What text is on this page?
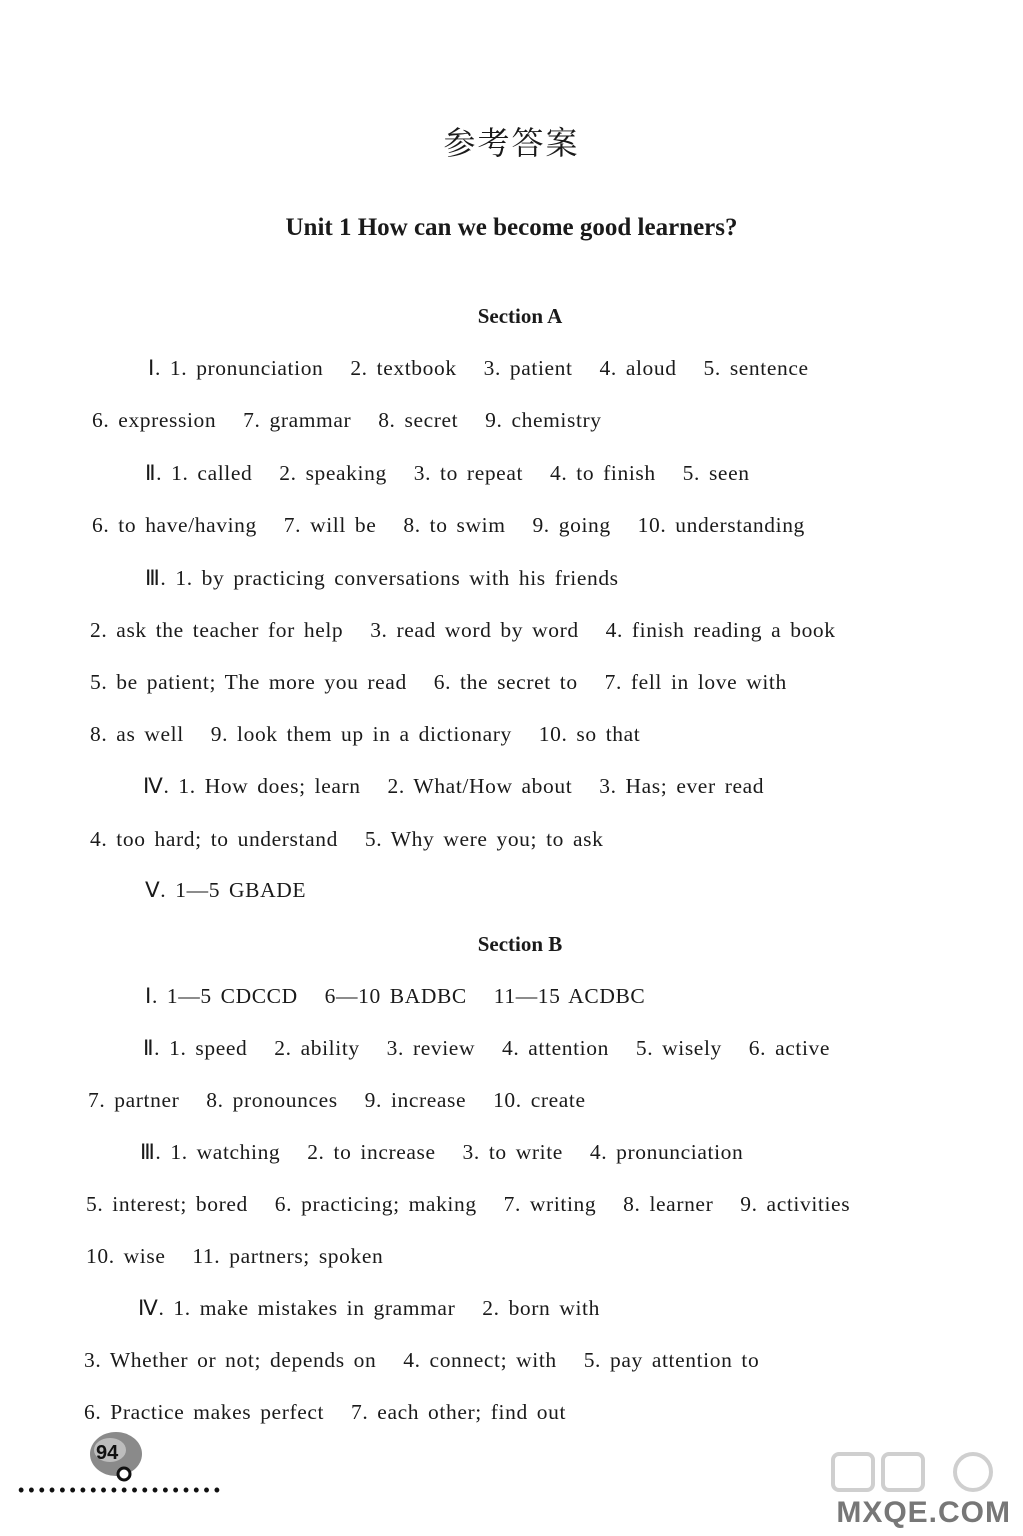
参考答案
Unit 1 How can we become good learners?
Section A
Ⅰ. 1. pronunciation   2. textbook   3. patient   4. aloud   5. sentence
6. expression   7. grammar   8. secret   9. chemistry
Ⅱ. 1. called   2. speaking   3. to repeat   4. to finish   5. seen
6. to have/having   7. will be   8. to swim   9. going   10. understanding
Ⅲ. 1. by practicing conversations with his friends
2. ask the teacher for help   3. read word by word   4. finish reading a book
5. be patient; The more you read   6. the secret to   7. fell in love with
8. as well   9. look them up in a dictionary   10. so that
Ⅳ. 1. How does; learn   2. What/How about   3. Has; ever read
4. too hard; to understand   5. Why were you; to ask
Ⅴ. 1—5 GBADE
Section B
Ⅰ. 1—5 CDCCD   6—10 BADBC   11—15 ACDBC
Ⅱ. 1. speed   2. ability   3. review   4. attention   5. wisely   6. active
7. partner   8. pronounces   9. increase   10. create
Ⅲ. 1. watching   2. to increase   3. to write   4. pronunciation
5. interest; bored   6. practicing; making   7. writing   8. learner   9. activities
10. wise   11. partners; spoken
Ⅳ. 1. make mistakes in grammar   2. born with
3. Whether or not; depends on   4. connect; with   5. pay attention to
6. Practice makes perfect   7. each other; find out
94
••••••••••••••••••••
MXQE.COM
